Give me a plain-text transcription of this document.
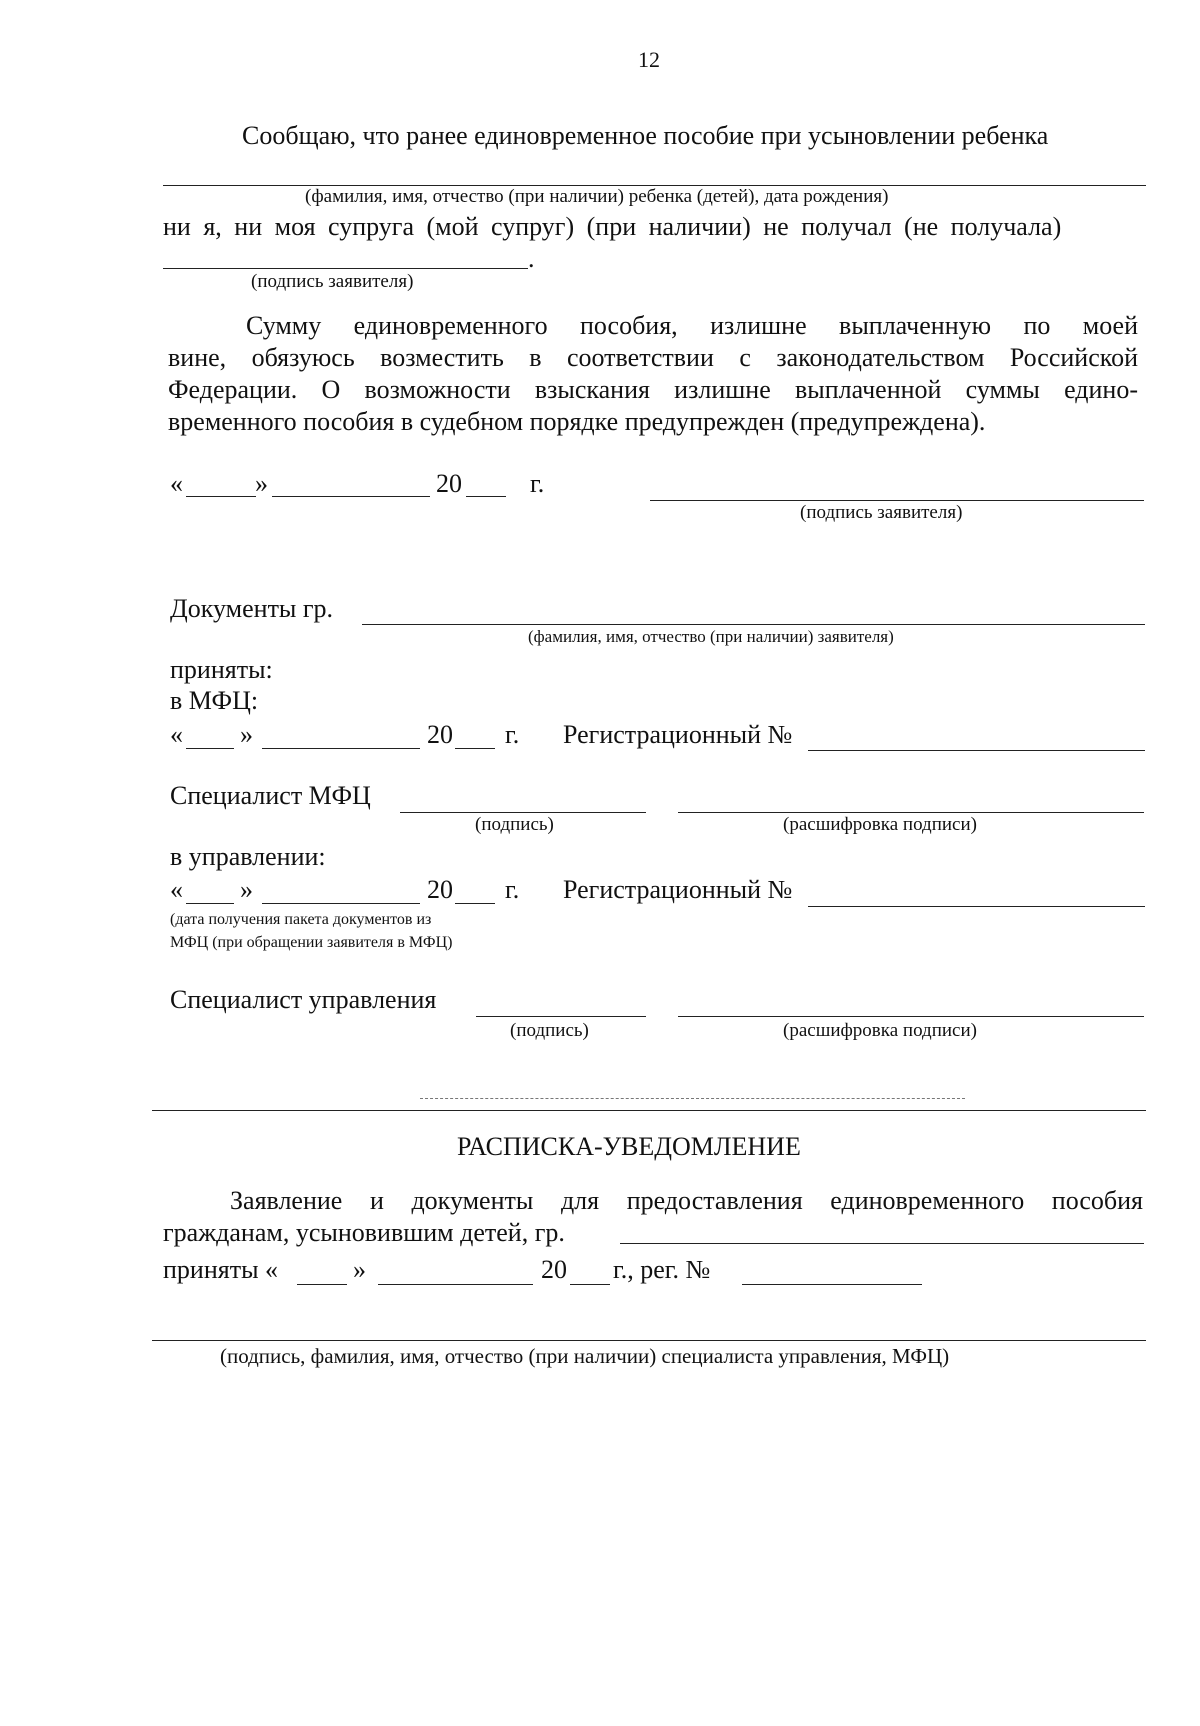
12
Сообщаю, что ранее единовременное пособие при усыновлении ребенка
(фамилия, имя, отчество (при наличии) ребенка (детей), дата рождения)
ни я, ни моя супруга (мой супруг) (при наличии) не получал (не получала)
.
(подпись заявителя)
Сумму единовременного пособия, излишне выплаченную по моей
вине, обязуюсь возместить в соответствии с законодательством Российской
Федерации. О возможности взыскания излишне выплаченной суммы едино-
временного пособия в судебном порядке предупрежден (предупреждена).
«	»	20	г.
(подпись заявителя)
Документы гр.
(фамилия, имя, отчество (при наличии) заявителя)
приняты:
в МФЦ:
« »	20 г. Регистрационный №
Специалист МФЦ
(подпись)	(расшифровка подписи)
в управлении:
« »	20 г. Регистрационный №
(дата получения пакета документов из
МФЦ (при обращении заявителя в МФЦ)
Специалист управления
(подпись)	(расшифровка подписи)
РАСПИСКА-УВЕДОМЛЕНИЕ
Заявление и документы для предоставления единовременного пособия
гражданам, усыновившим детей, гр.
приняты «	»	20 г., рег. №
(подпись, фамилия, имя, отчество (при наличии) специалиста управления, МФЦ)
